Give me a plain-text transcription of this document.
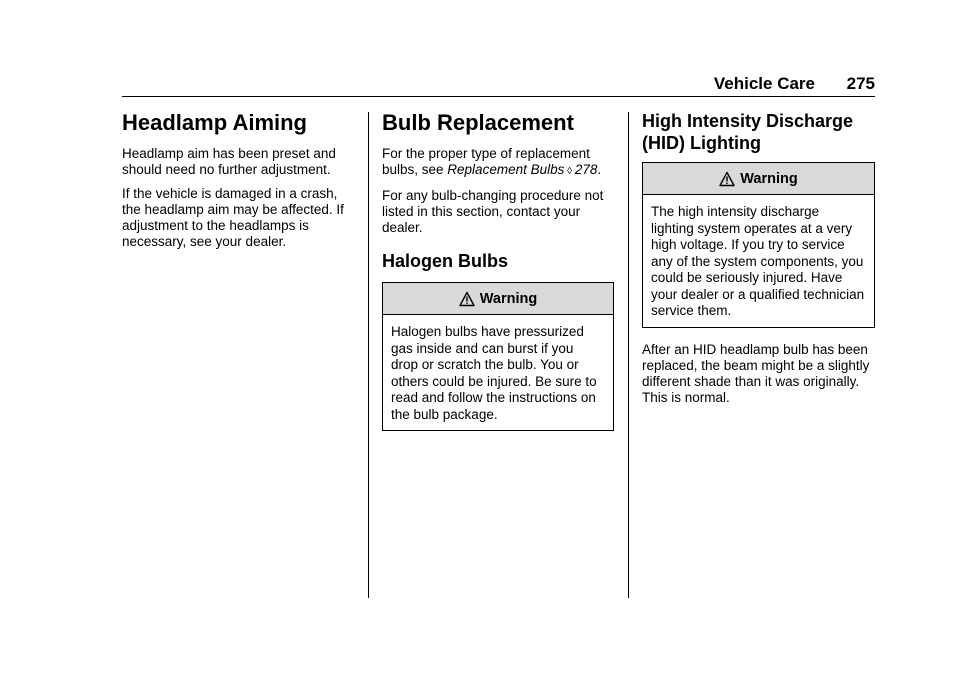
Vehicle Care 275
Headlamp Aiming

Headlamp aim has been preset and should need no further adjustment.

If the vehicle is damaged in a crash, the headlamp aim may be affected. If adjustment to the headlamps is necessary, see your dealer.

Bulb Replacement

For the proper type of replacement bulbs, see Replacement Bulbs ◊ 278.

For any bulb-changing procedure not listed in this section, contact your dealer.

Halogen Bulbs
Warning
Halogen bulbs have pressurized gas inside and can burst if you drop or scratch the bulb. You or others could be injured. Be sure to read and follow the instructions on the bulb package.
High Intensity Discharge (HID) Lighting
Warning
The high intensity discharge lighting system operates at a very high voltage. If you try to service any of the system components, you could be seriously injured. Have your dealer or a qualified technician service them.

After an HID headlamp bulb has been replaced, the beam might be a slightly different shade than it was originally. This is normal.
